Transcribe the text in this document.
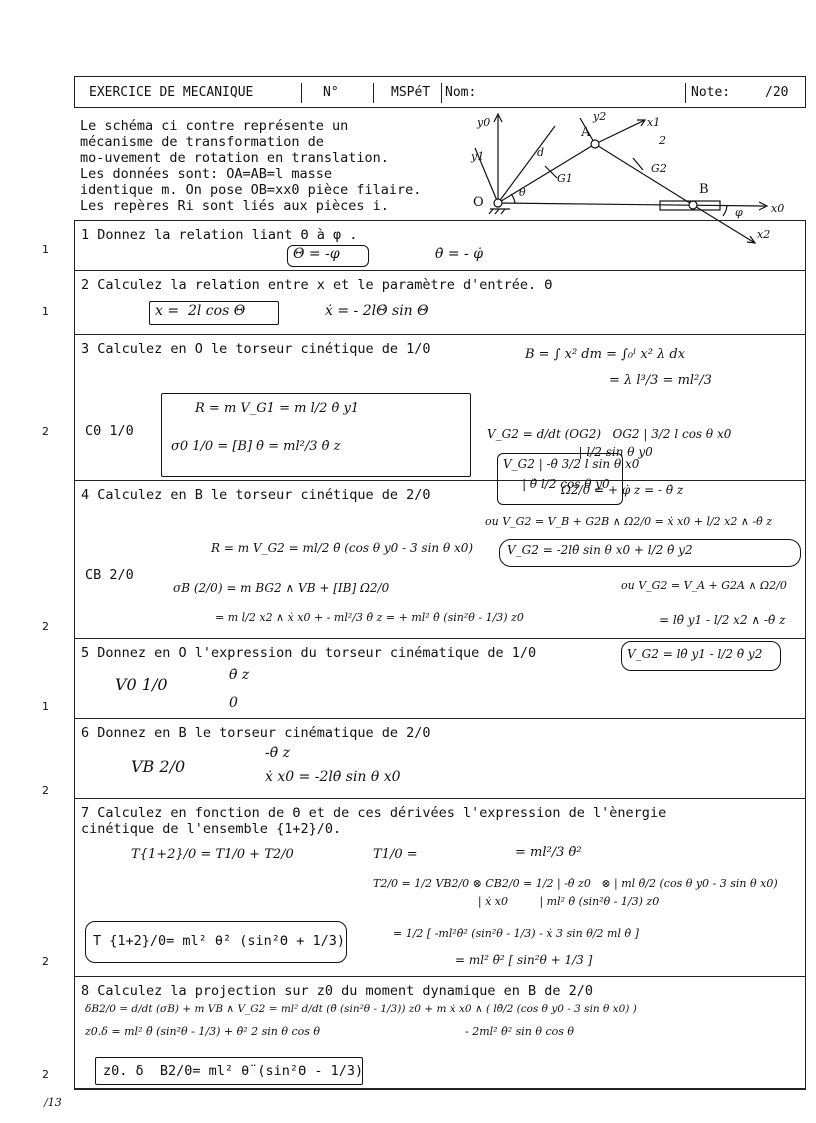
EXERCICE DE MECANIQUE	N°	MSPéT Nom:	Note:	/20
Le schéma ci contre représente un
mécanisme de transformation de
mo-uvement de rotation en translation.
Les données sont: OA=AB=l masse
identique m. On pose OB=xx0 pièce filaire.
Les repères Ri sont liés aux pièces i.
y0
y1
x1
y2
x2
A
B
O
d
G1
G2
θ
φ	x0
2
1 Donnez la relation liant Θ à φ .
Θ = -φ	θ̇ = - φ̇
1
2 Calculez la relation entre x et le paramètre d'entrée. Θ
x =  2l cos Θ	ẋ = - 2lΘ̇ sin Θ
1
3 Calculez en O le torseur cinétique de 1/0	B = ∫ x² dm = ∫₀ˡ x² λ dx
= λ l³/3 = ml²/3
C0 1/0
R = m V_G1 = m l/2 θ̇ y1
σ0 1/0 = [B] θ̇ = ml²/3 θ̇ z
V_G2 = d/dt (OG2)   OG2 | 3/2 l cos θ x0
| l/2 sin θ y0
V_G2 | -θ̇ 3/2 l sin θ x0
| θ̇ l/2 cos θ y0
2
4 Calculez en B le torseur cinétique de 2/0	Ω2/0 = + φ̇ z = - θ̇ z
ou V_G2 = V_B + G2B ∧ Ω2/0 = ẋ x0 + l/2 x2 ∧ -θ̇ z
CB 2/0
R = m V_G2 = ml/2 θ̇ (cos θ y0 - 3 sin θ x0)	V_G2 = -2lθ̇ sin θ x0 + l/2 θ̇ y2
σB (2/0) = m BG2 ∧ VB + [IB] Ω2/0	ou V_G2 = V_A + G2A ∧ Ω2/0
= m l/2 x2 ∧ ẋ x0 + - ml²/3 θ̇ z = + ml² θ̇ (sin²θ - 1/3) z0	= lθ̇ y1 - l/2 x2 ∧ -θ̇ z
2
5 Donnez en O l'expression du torseur cinématique de 1/0
V0 1/0	θ̇ z
0
V_G2 = lθ̇ y1 - l/2 θ̇ y2
1
6 Donnez en B le torseur cinématique de 2/0
VB 2/0
-θ̇ z
ẋ x0 = -2lθ̇ sin θ x0
2
7 Calculez en fonction de Θ et de ces dérivées l'expression de l'ènergie
cinétique de l'ensemble {1+2}/0.
T{1+2}/0 = T1/0 + T2/0	T1/0 =	= ml²/3 θ̇²
T2/0 = 1/2 VB2/0 ⊗ CB2/0 = 1/2 | -θ̇ z0   ⊗ | ml θ̇/2 (cos θ y0 - 3 sin θ x0)
| ẋ x0         | ml² θ̇ (sin²θ - 1/3) z0
T {1+2}/0= ml² θ̇² (sin²Θ + 1/3)	= 1/2 [ -ml²θ̇² (sin²θ - 1/3) - ẋ 3 sin θ/2 ml θ̇ ]
= ml² θ̇² [ sin²θ + 1/3 ]
2
8 Calculez la projection sur z0 du moment dynamique en B de 2/0
δB2/0 = d/dt (σB) + m VB ∧ V_G2 = ml² d/dt (θ̇ (sin²θ - 1/3)) z0 + m ẋ x0 ∧ ( lθ̇/2 (cos θ y0 - 3 sin θ x0) )
z0.δ = ml² θ̈ (sin²θ - 1/3) + θ̇² 2 sin θ cos θ	- 2ml² θ̇² sin θ cos θ
z0. δ  B2/0= ml² θ̈ (sin²Θ - 1/3)
2
/13
